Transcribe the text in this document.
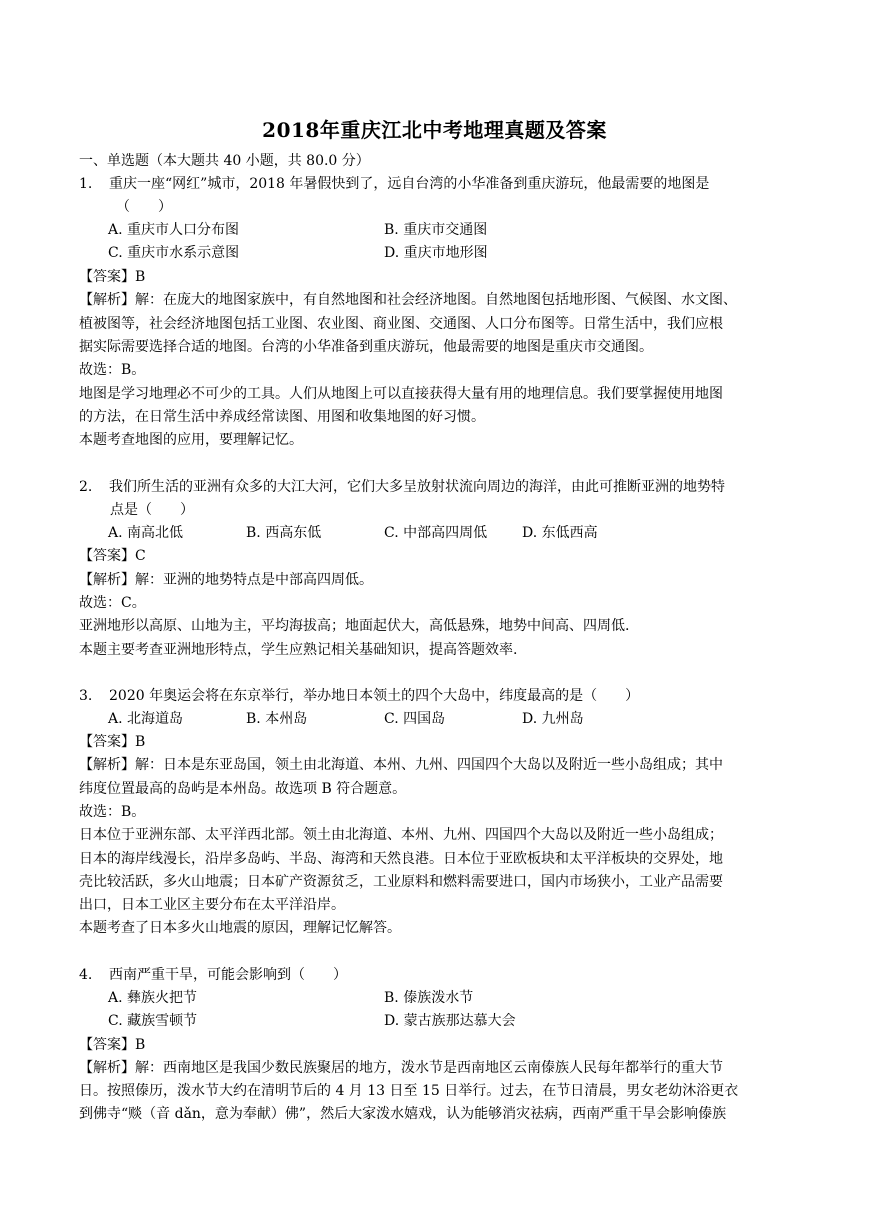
2018年重庆江北中考地理真题及答案
一、单选题（本大题共 40 小题，共 80.0 分）
1. 重庆一座“网红”城市，2018 年暑假快到了，远自台湾的小华准备到重庆游玩，他最需要的地图是
（　　）
A. 重庆市人口分布图	B. 重庆市交通图
C. 重庆市水系示意图	D. 重庆市地形图
【答案】B
【解析】解：在庞大的地图家族中，有自然地图和社会经济地图。自然地图包括地形图、气候图、水文图、
植被图等，社会经济地图包括工业图、农业图、商业图、交通图、人口分布图等。日常生活中，我们应根
据实际需要选择合适的地图。台湾的小华准备到重庆游玩，他最需要的地图是重庆市交通图。
故选：B。
地图是学习地理必不可少的工具。人们从地图上可以直接获得大量有用的地理信息。我们要掌握使用地图
的方法，在日常生活中养成经常读图、用图和收集地图的好习惯。
本题考查地图的应用，要理解记忆。
2. 我们所生活的亚洲有众多的大江大河，它们大多呈放射状流向周边的海洋，由此可推断亚洲的地势特
点是（　　）
A. 南高北低	B. 西高东低	C. 中部高四周低 D. 东低西高
【答案】C
【解析】解：亚洲的地势特点是中部高四周低。
故选：C。
亚洲地形以高原、山地为主，平均海拔高；地面起伏大，高低悬殊，地势中间高、四周低.
本题主要考查亚洲地形特点，学生应熟记相关基础知识，提高答题效率.
3. 2020 年奥运会将在东京举行，举办地日本领土的四个大岛中，纬度最高的是（　　）
A. 北海道岛	B. 本州岛	C. 四国岛	D. 九州岛
【答案】B
【解析】解：日本是东亚岛国，领土由北海道、本州、九州、四国四个大岛以及附近一些小岛组成；其中
纬度位置最高的岛屿是本州岛。故选项 B 符合题意。
故选：B。
日本位于亚洲东部、太平洋西北部。领土由北海道、本州、九州、四国四个大岛以及附近一些小岛组成；
日本的海岸线漫长，沿岸多岛屿、半岛、海湾和天然良港。日本位于亚欧板块和太平洋板块的交界处，地
壳比较活跃，多火山地震；日本矿产资源贫乏，工业原料和燃料需要进口，国内市场狭小，工业产品需要
出口，日本工业区主要分布在太平洋沿岸。
本题考查了日本多火山地震的原因，理解记忆解答。
4. 西南严重干旱，可能会影响到（　　）
A. 彝族火把节	B. 傣族泼水节
C. 藏族雪顿节	D. 蒙古族那达慕大会
【答案】B
【解析】解：西南地区是我国少数民族聚居的地方，泼水节是西南地区云南傣族人民每年都举行的重大节
日。按照傣历，泼水节大约在清明节后的 4 月 13 日至 15 日举行。过去，在节日清晨，男女老幼沐浴更衣
到佛寺“赕（音 dǎn，意为奉献）佛”，然后大家泼水嬉戏，认为能够消灾祛病，西南严重干旱会影响傣族
